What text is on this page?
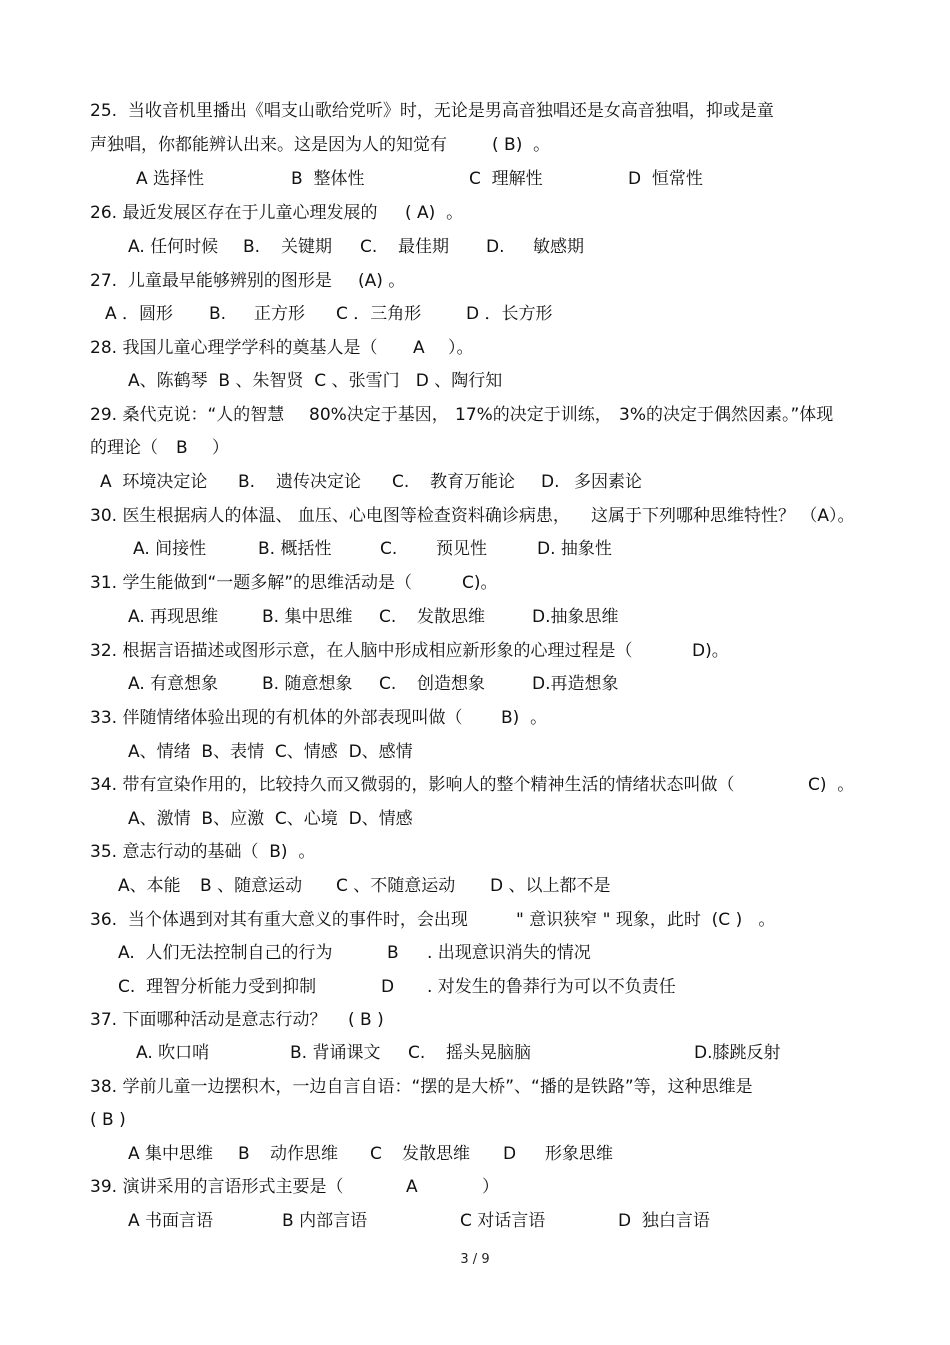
25.  当收音机里播出《唱支山歌给党听》时，无论是男高音独唱还是女高音独唱，抑或是童
声独唱，你都能辨认出来。这是因为人的知觉有	( B)  。
A 选择性	B  整体性	C  理解性	D  恒常性
26. 最近发展区存在于儿童心理发展的 ( A)  。
A. 任何时候 B. 关键期 C. 最佳期 D. 敏感期
27.  儿童最早能够辨别的图形是 (A) 。
A ．圆形 B. 正方形 C ．三角形	D ．长方形
28. 我国儿童心理学学科的奠基人是（ A ）。
A、陈鹤琴  B 、朱智贤  C 、张雪门   D 、陶行知
29. 桑代克说：“人的智慧 80%决定于基因， 17%的决定于训练， 3%的决定于偶然因素。”体现
的理论（ B ）
A  环境决定论 B. 遗传决定论 C. 教育万能论 D. 多因素论
30. 医生根据病人的体温、 血压、心电图等检查资料确诊病患， 这属于下列哪种思维特性？ （A）。
A. 间接性	B. 概括性	C. 预见性	D. 抽象性
31. 学生能做到“一题多解”的思维活动是（	C)。
A. 再现思维	B. 集中思维 C. 发散思维	D.抽象思维
32. 根据言语描述或图形示意，在人脑中形成相应新形象的心理过程是（	D)。
A. 有意想象	B. 随意想象 C. 创造想象	D.再造想象
33. 伴随情绪体验出现的有机体的外部表现叫做（ B)  。
A、情绪  B、表情  C、情感  D、感情
34. 带有宣染作用的，比较持久而又微弱的，影响人的整个精神生活的情绪状态叫做（	C)  。
A、激情  B、应激  C、心境  D、情感
35. 意志行动的基础（  B)  。
A、本能 B 、随意运动 C 、不随意运动 D 、以上都不是
36.  当个体遇到对其有重大意义的事件时，会出现	" 意识狭窄 " 现象，此时  (C )   。
A.  人们无法控制自己的行为	B . 出现意识消失的情况
C.  理智分析能力受到抑制	D . 对发生的鲁莽行为可以不负责任
37. 下面哪种活动是意志行动？ ( B )
A. 吹口哨	B. 背诵课文 C. 摇头晃脑脑	D.膝跳反射
38. 学前儿童一边摆积木，一边自言自语：“摆的是大桥”、“播的是铁路”等，这种思维是
( B )
A 集中思维 B 动作思维 C 发散思维 D 形象思维
39. 演讲采用的言语形式主要是（	A	）
A 书面言语	B 内部言语	C 对话言语	D  独白言语
3 / 9
